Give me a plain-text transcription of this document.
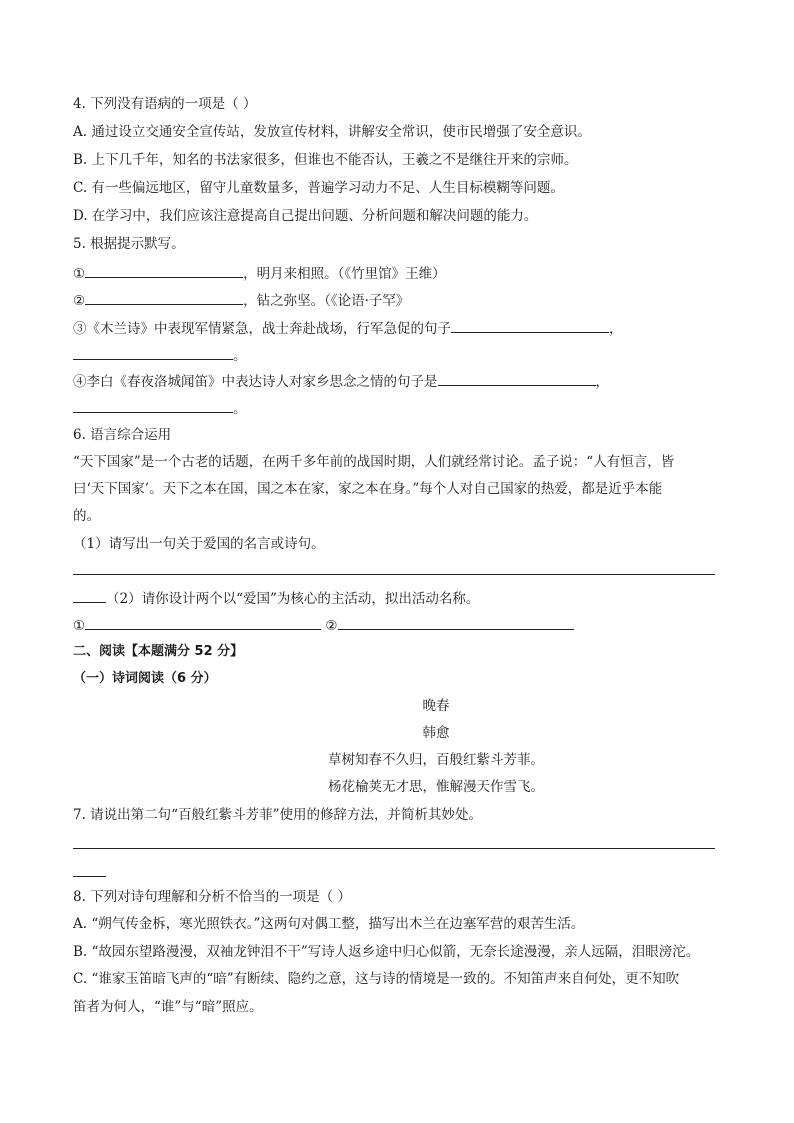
4. 下列没有语病的一项是（ ）
A. 通过设立交通安全宣传站，发放宣传材料，讲解安全常识，使市民增强了安全意识。
B. 上下几千年，知名的书法家很多，但谁也不能否认，王羲之不是继往开来的宗师。
C. 有一些偏远地区，留守儿童数量多，普遍学习动力不足、人生目标模糊等问题。
D. 在学习中，我们应该注意提高自己提出问题、分析问题和解决问题的能力。
5. 根据提示默写。
①	，明月来相照。（《竹里馆》王维）
②	，钻之弥坚。（《论语·子罕》
③《木兰诗》中表现军情紧急，战士奔赴战场，行军急促的句子	，
。
④李白《春夜洛城闻笛》中表达诗人对家乡思念之情的句子是	，
。
6. 语言综合运用
“天下国家”是一个古老的话题，在两千多年前的战国时期，人们就经常讨论。孟子说：“人有恒言，皆
曰‘天下国家’。天下之本在国，国之本在家，家之本在身。”每个人对自己国家的热爱，都是近乎本能
的。
（1）请写出一句关于爱国的名言或诗句。
（2）请你设计两个以“爱国”为核心的主活动，拟出活动名称。
①	②
二、阅读【本题满分 52 分】
（一）诗词阅读（6 分）
晚春
韩愈
草树知春不久归，百般红紫斗芳菲。
杨花榆荚无才思，惟解漫天作雪飞。
7. 请说出第二句“百般红紫斗芳菲”使用的修辞方法，并简析其妙处。
8. 下列对诗句理解和分析不恰当的一项是（ ）
A. “朔气传金柝，寒光照铁衣。”这两句对偶工整，描写出木兰在边塞军营的艰苦生活。
B. “故园东望路漫漫，双袖龙钟泪不干”写诗人返乡途中归心似箭，无奈长途漫漫，亲人远隔，泪眼滂沱。
C. “谁家玉笛暗飞声的“暗”有断续、隐约之意，这与诗的情境是一致的。不知笛声来自何处，更不知吹
笛者为何人，“谁”与“暗”照应。
